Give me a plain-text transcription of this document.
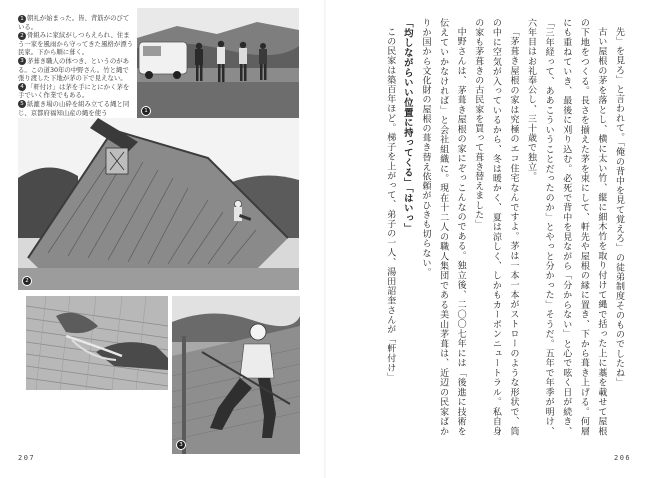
1 朝礼が始まった。皆、背筋がのびている。

2 骨組みに家紋がしつらえられ、住まう一家を風雨から守ってきた風格が漂う民家。下から順に葺く。

3 茅葺き職人の体つき、というのがある。この道30年の中野さん。竹と縄で張り渡した下地が茅の下で見えない。

4 「軒付け」は茅を手にとにかく茅を手でいく作業でもある。

5 紙漉き場の山砕を組み立てる縄と同じ、京都府福知山産の縄を使う	1
2
3
207

先」を見ろ」と言われて。「俺の背中を見て覚えろ」の徒弟制度そのものでしたね」

古い屋根の茅を落とし、横に太い竹、縦に細木竹を取り付けて縄で括った上に藁を載せて屋根の下地をつくる。長さを揃えた茅を束にして、軒先や屋根の縁に置き、下から葺き上げる。何層にも重ねていき、最後に刈り込む。必死で背中を見ながら「分からない」と心で呟く日が続き、「三年経って、ああこういうことだったのか」とやっと分かった」そうだ。五年で年季が明け、六年目はお礼奉公し、三十歳で独立。

「茅葺き屋根の家は究極のエコ住宅なんですよ。茅は一本一本がストローのような形状で、筒の中に空気が入っているから、冬は暖かく、夏は涼しく、しかもカーボンニュートラル。私自身の家も茅葺きの古民家を買って葺き替えました」

中野さんは、茅葺き屋根の家にぞっこんなのである。独立後、二〇〇七年には「後進に技術を伝えていかなければ」と会社組織に。現在十二人の職人集団である美山茅葺は、近辺の民家ばかりか国から文化財の屋根の葺き替え依頼がひきも切らない。

「均しながらいい位置に持ってくる」「はいっ」

この民家は築百年ほど。梯子を上がって、弟子の一人、湯田詔奎さんが「軒付け」

206
